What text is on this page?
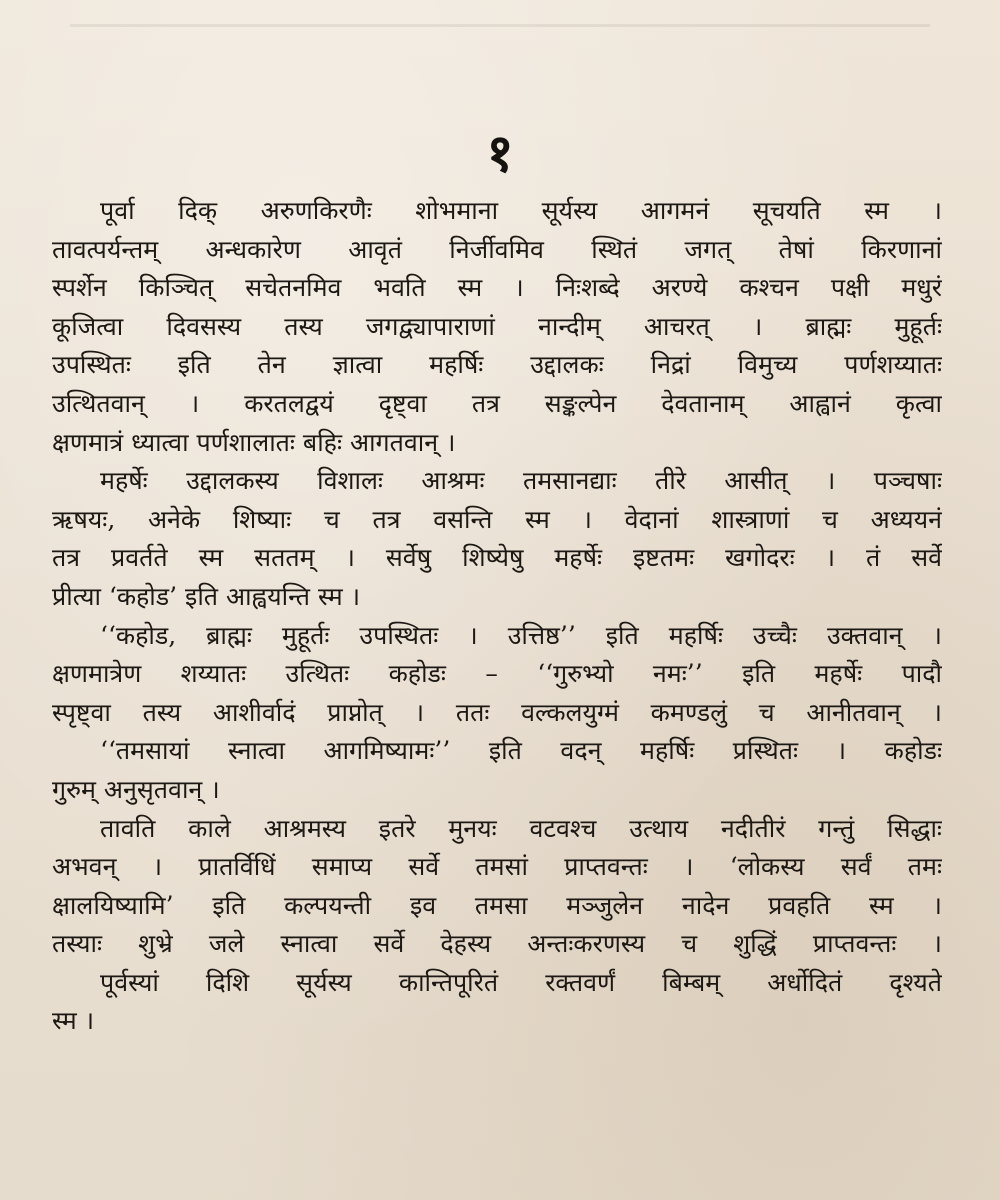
१
पूर्वा दिक् अरुणकिरणैः शोभमाना सूर्यस्य आगमनं सूचयति स्म ।
तावत्पर्यन्तम् अन्धकारेण आवृतं निर्जीवमिव स्थितं जगत् तेषां किरणानां
स्पर्शेन किञ्चित् सचेतनमिव भवति स्म । निःशब्दे अरण्ये कश्चन पक्षी मधुरं
कूजित्वा दिवसस्य तस्य जगद्व्यापाराणां नान्दीम् आचरत् । ब्राह्मः मुहूर्तः
उपस्थितः इति तेन ज्ञात्वा महर्षिः उद्दालकः निद्रां विमुच्य पर्णशय्यातः
उत्थितवान् । करतलद्वयं दृष्ट्वा तत्र सङ्कल्पेन देवतानाम् आह्वानं कृत्वा
क्षणमात्रं ध्यात्वा पर्णशालातः बहिः आगतवान् ।
महर्षेः उद्दालकस्य विशालः आश्रमः तमसानद्याः तीरे आसीत् । पञ्चषाः
ऋषयः, अनेके शिष्याः च तत्र वसन्ति स्म । वेदानां शास्त्राणां च अध्ययनं
तत्र प्रवर्तते स्म सततम् । सर्वेषु शिष्येषु महर्षेः इष्टतमः खगोदरः । तं सर्वे
प्रीत्या ‘कहोड’ इति आह्वयन्ति स्म ।
‘‘कहोड, ब्राह्मः मुहूर्तः उपस्थितः । उत्तिष्ठ’’ इति महर्षिः उच्चैः उक्तवान् ।
क्षणमात्रेण शय्यातः उत्थितः कहोडः – ‘‘गुरुभ्यो नमः’’ इति महर्षेः पादौ
स्पृष्ट्वा तस्य आशीर्वादं प्राप्नोत् । ततः वल्कलयुग्मं कमण्डलुं च आनीतवान् ।
‘‘तमसायां स्नात्वा आगमिष्यामः’’ इति वदन् महर्षिः प्रस्थितः । कहोडः
गुरुम् अनुसृतवान् ।
तावति काले आश्रमस्य इतरे मुनयः वटवश्च उत्थाय नदीतीरं गन्तुं सिद्धाः
अभवन् । प्रातर्विधिं समाप्य सर्वे तमसां प्राप्तवन्तः । ‘लोकस्य सर्वं तमः
क्षालयिष्यामि’ इति कल्पयन्ती इव तमसा मञ्जुलेन नादेन प्रवहति स्म ।
तस्याः शुभ्रे जले स्नात्वा सर्वे देहस्य अन्तःकरणस्य च शुद्धिं प्राप्तवन्तः ।
पूर्वस्यां दिशि सूर्यस्य कान्तिपूरितं रक्तवर्णं बिम्बम् अर्धोदितं दृश्यते
स्म ।
